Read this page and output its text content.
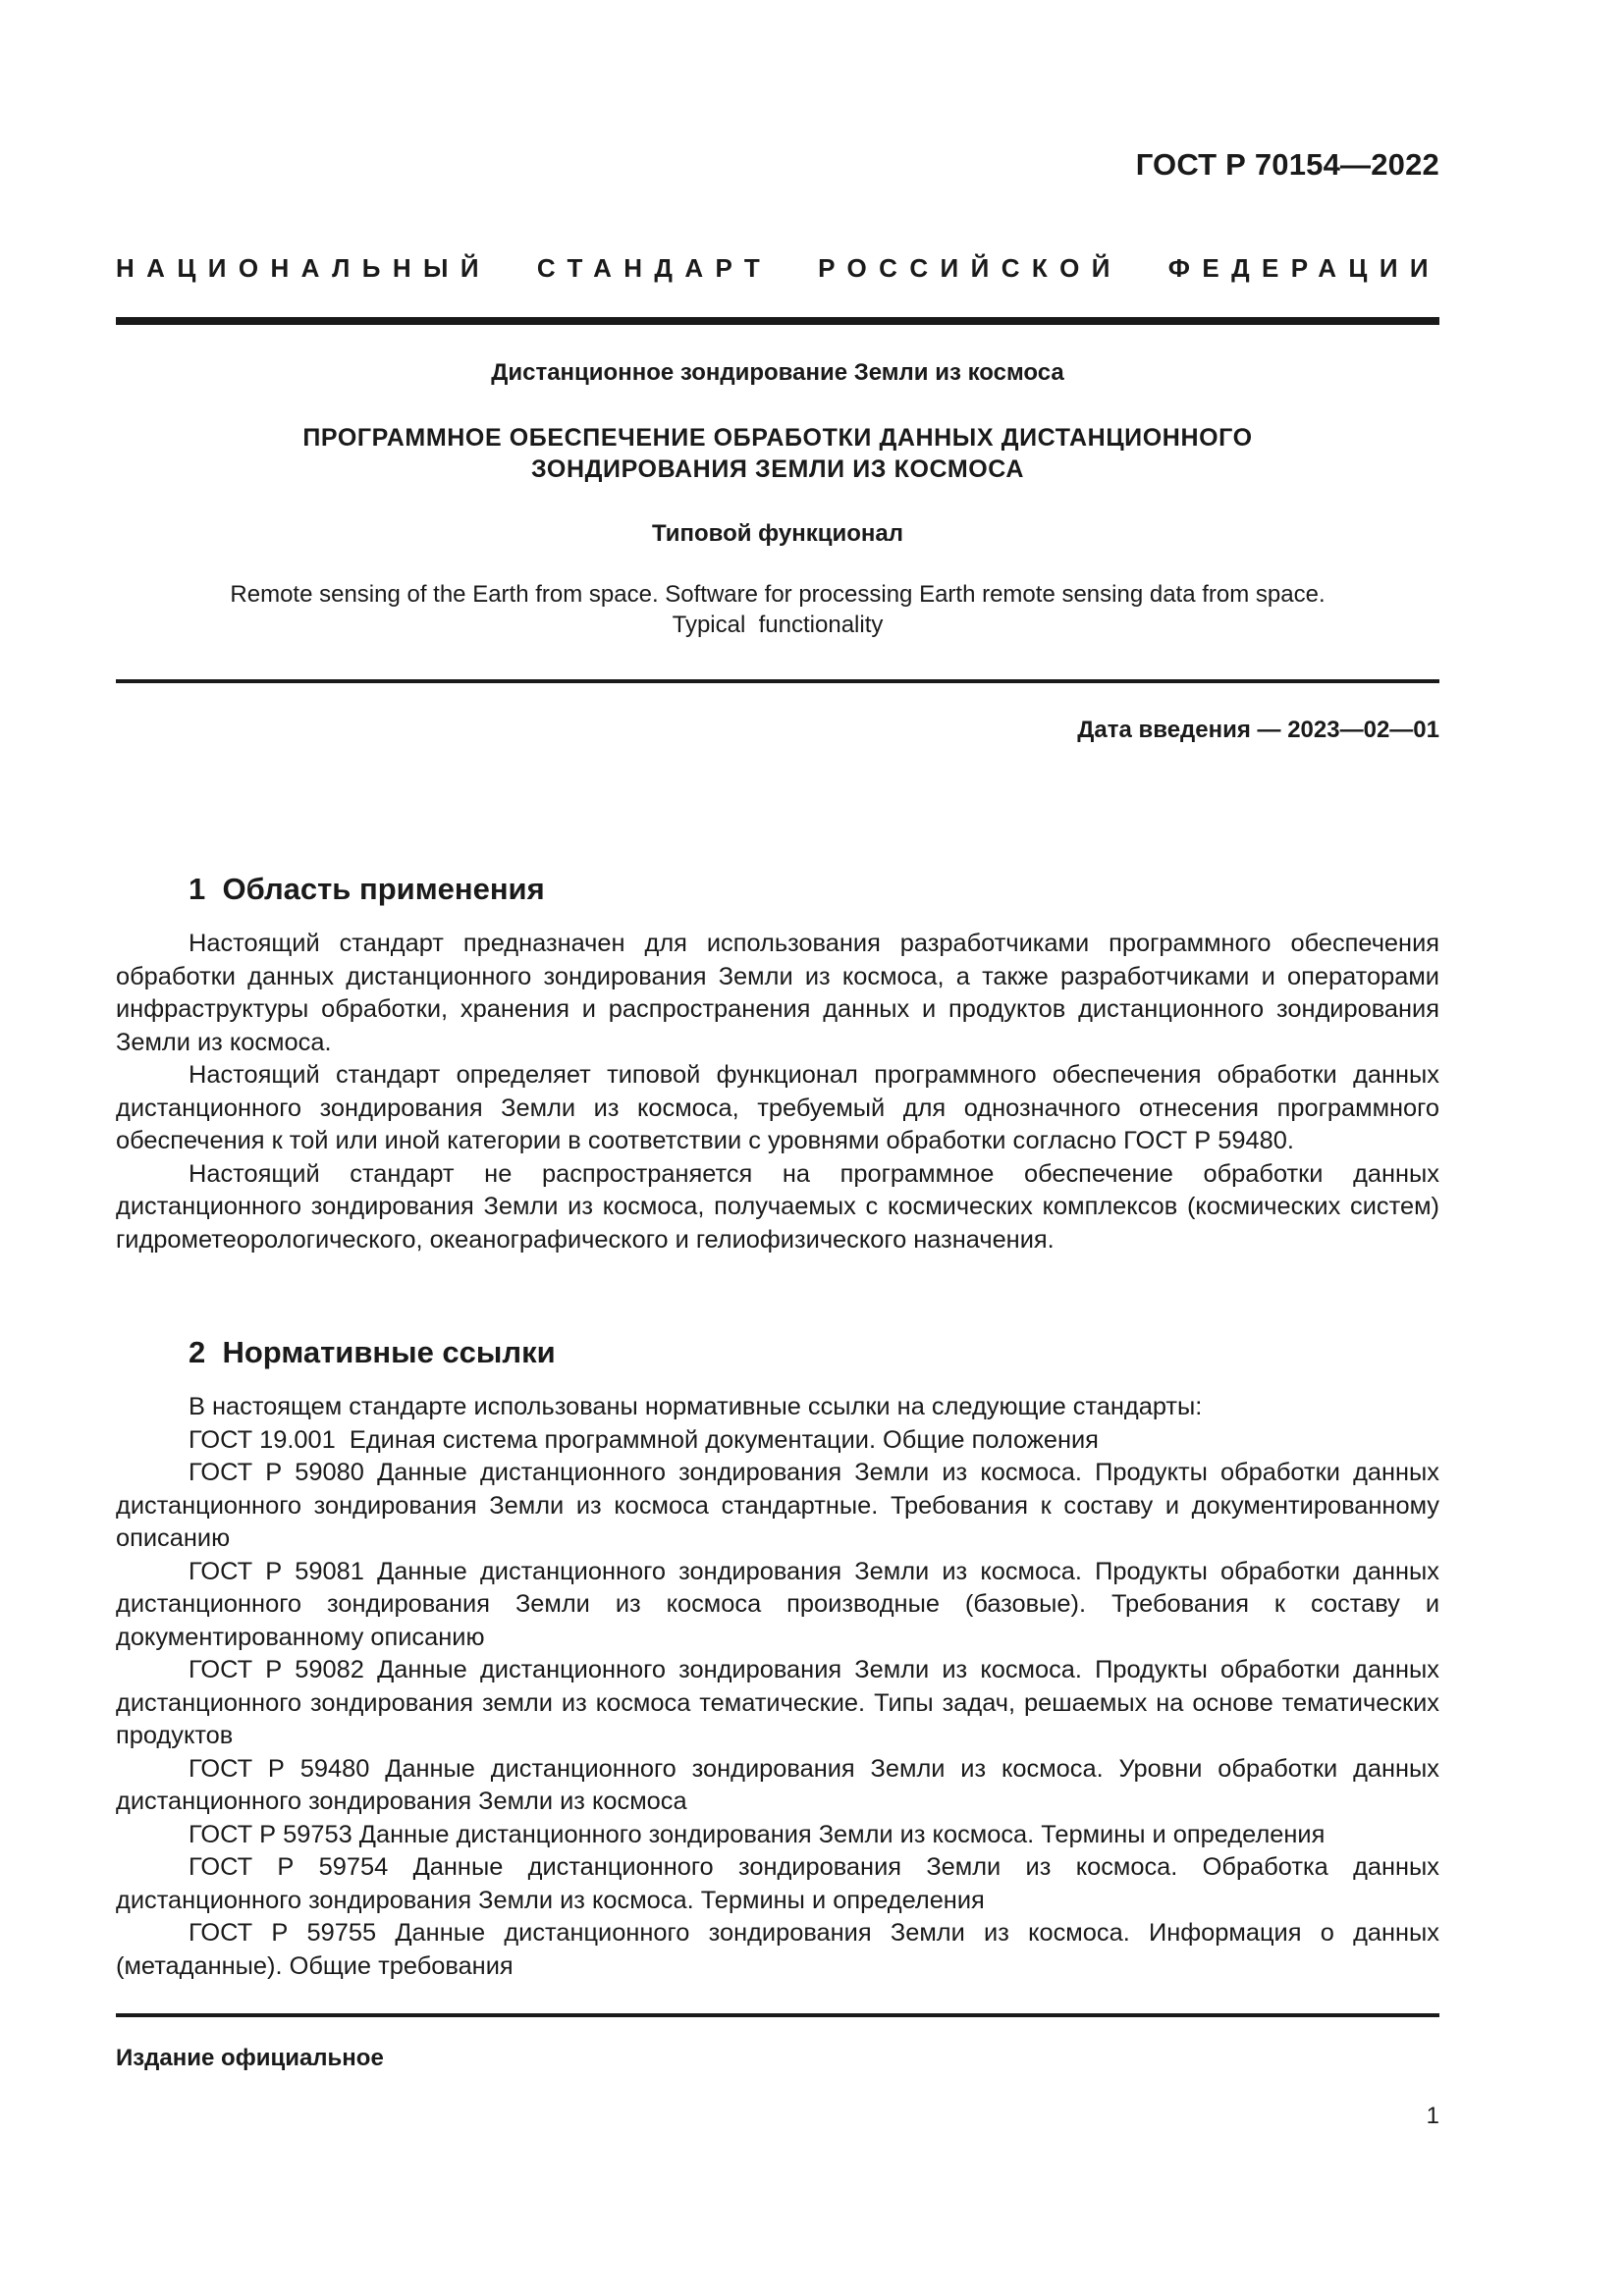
ГОСТ Р 70154—2022
НАЦИОНАЛЬНЫЙ СТАНДАРТ РОССИЙСКОЙ ФЕДЕРАЦИИ
Дистанционное зондирование Земли из космоса
ПРОГРАММНОЕ ОБЕСПЕЧЕНИЕ ОБРАБОТКИ ДАННЫХ ДИСТАНЦИОННОГО
ЗОНДИРОВАНИЯ ЗЕМЛИ ИЗ КОСМОСА
Типовой функционал
Remote sensing of the Earth from space. Software for processing Earth remote sensing data from space.
Typical  functionality
Дата введения — 2023—02—01
1  Область применения

Настоящий стандарт предназначен для использования разработчиками программного обеспечения обработки данных дистанционного зондирования Земли из космоса, а также разработчиками и операторами инфраструктуры обработки, хранения и распространения данных и продуктов дистанционного зондирования Земли из космоса.

Настоящий стандарт определяет типовой функционал программного обеспечения обработки данных дистанционного зондирования Земли из космоса, требуемый для однозначного отнесения программного обеспечения к той или иной категории в соответствии с уровнями обработки согласно ГОСТ Р 59480.

Настоящий стандарт не распространяется на программное обеспечение обработки данных дистанционного зондирования Земли из космоса, получаемых с космических комплексов (космических систем) гидрометеорологического, океанографического и гелиофизического назначения.

2  Нормативные ссылки

В настоящем стандарте использованы нормативные ссылки на следующие стандарты:

ГОСТ 19.001  Единая система программной документации. Общие положения

ГОСТ Р 59080 Данные дистанционного зондирования Земли из космоса. Продукты обработки данных дистанционного зондирования Земли из космоса стандартные. Требования к составу и документированному описанию

ГОСТ Р 59081 Данные дистанционного зондирования Земли из космоса. Продукты обработки данных дистанционного зондирования Земли из космоса производные (базовые). Требования к составу и документированному описанию

ГОСТ Р 59082 Данные дистанционного зондирования Земли из космоса. Продукты обработки данных дистанционного зондирования земли из космоса тематические. Типы задач, решаемых на основе тематических продуктов

ГОСТ Р 59480 Данные дистанционного зондирования Земли из космоса. Уровни обработки данных дистанционного зондирования Земли из космоса

ГОСТ Р 59753 Данные дистанционного зондирования Земли из космоса. Термины и определения

ГОСТ Р 59754 Данные дистанционного зондирования Земли из космоса. Обработка данных дистанционного зондирования Земли из космоса. Термины и определения

ГОСТ Р 59755 Данные дистанционного зондирования Земли из космоса. Информация о данных (метаданные). Общие требования

Издание официальное
1
